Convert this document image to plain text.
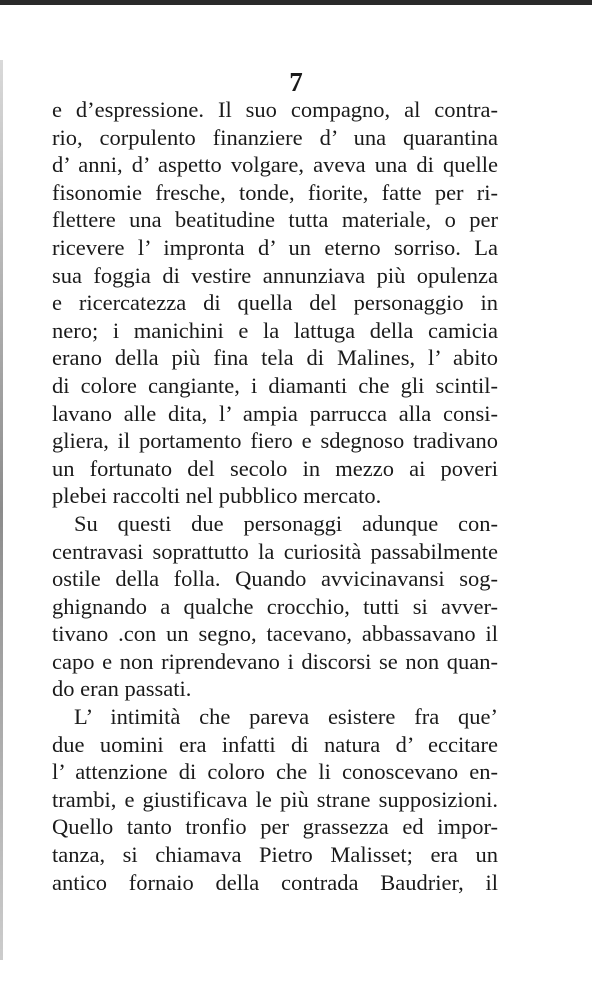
7
e d’espressione. Il suo compagno, al contra-
rio, corpulento finanziere d’ una quarantina
d’ anni, d’ aspetto volgare, aveva una di quelle
fisonomie fresche, tonde, fiorite, fatte per ri-
flettere una beatitudine tutta materiale, o per
ricevere l’ impronta d’ un eterno sorriso. La
sua foggia di vestire annunziava più opulenza
e ricercatezza di quella del personaggio in
nero; i manichini e la lattuga della camicia
erano della più fina tela di Malines, l’ abito
di colore cangiante, i diamanti che gli scintil-
lavano alle dita, l’ ampia parrucca alla consi-
gliera, il portamento fiero e sdegnoso tradivano
un fortunato del secolo in mezzo ai poveri
plebei raccolti nel pubblico mercato.
Su questi due personaggi adunque con-
centravasi soprattutto la curiosità passabilmente
ostile della folla. Quando avvicinavansi sog-
ghignando a qualche crocchio, tutti si avver-
tivano .con un segno, tacevano, abbassavano il
capo e non riprendevano i discorsi se non quan-
do eran passati.
L’ intimità che pareva esistere fra que’
due uomini era infatti di natura d’ eccitare
l’ attenzione di coloro che li conoscevano en-
trambi, e giustificava le più strane supposizioni.
Quello tanto tronfio per grassezza ed impor-
tanza, si chiamava Pietro Malisset; era un
antico fornaio della contrada Baudrier, il
